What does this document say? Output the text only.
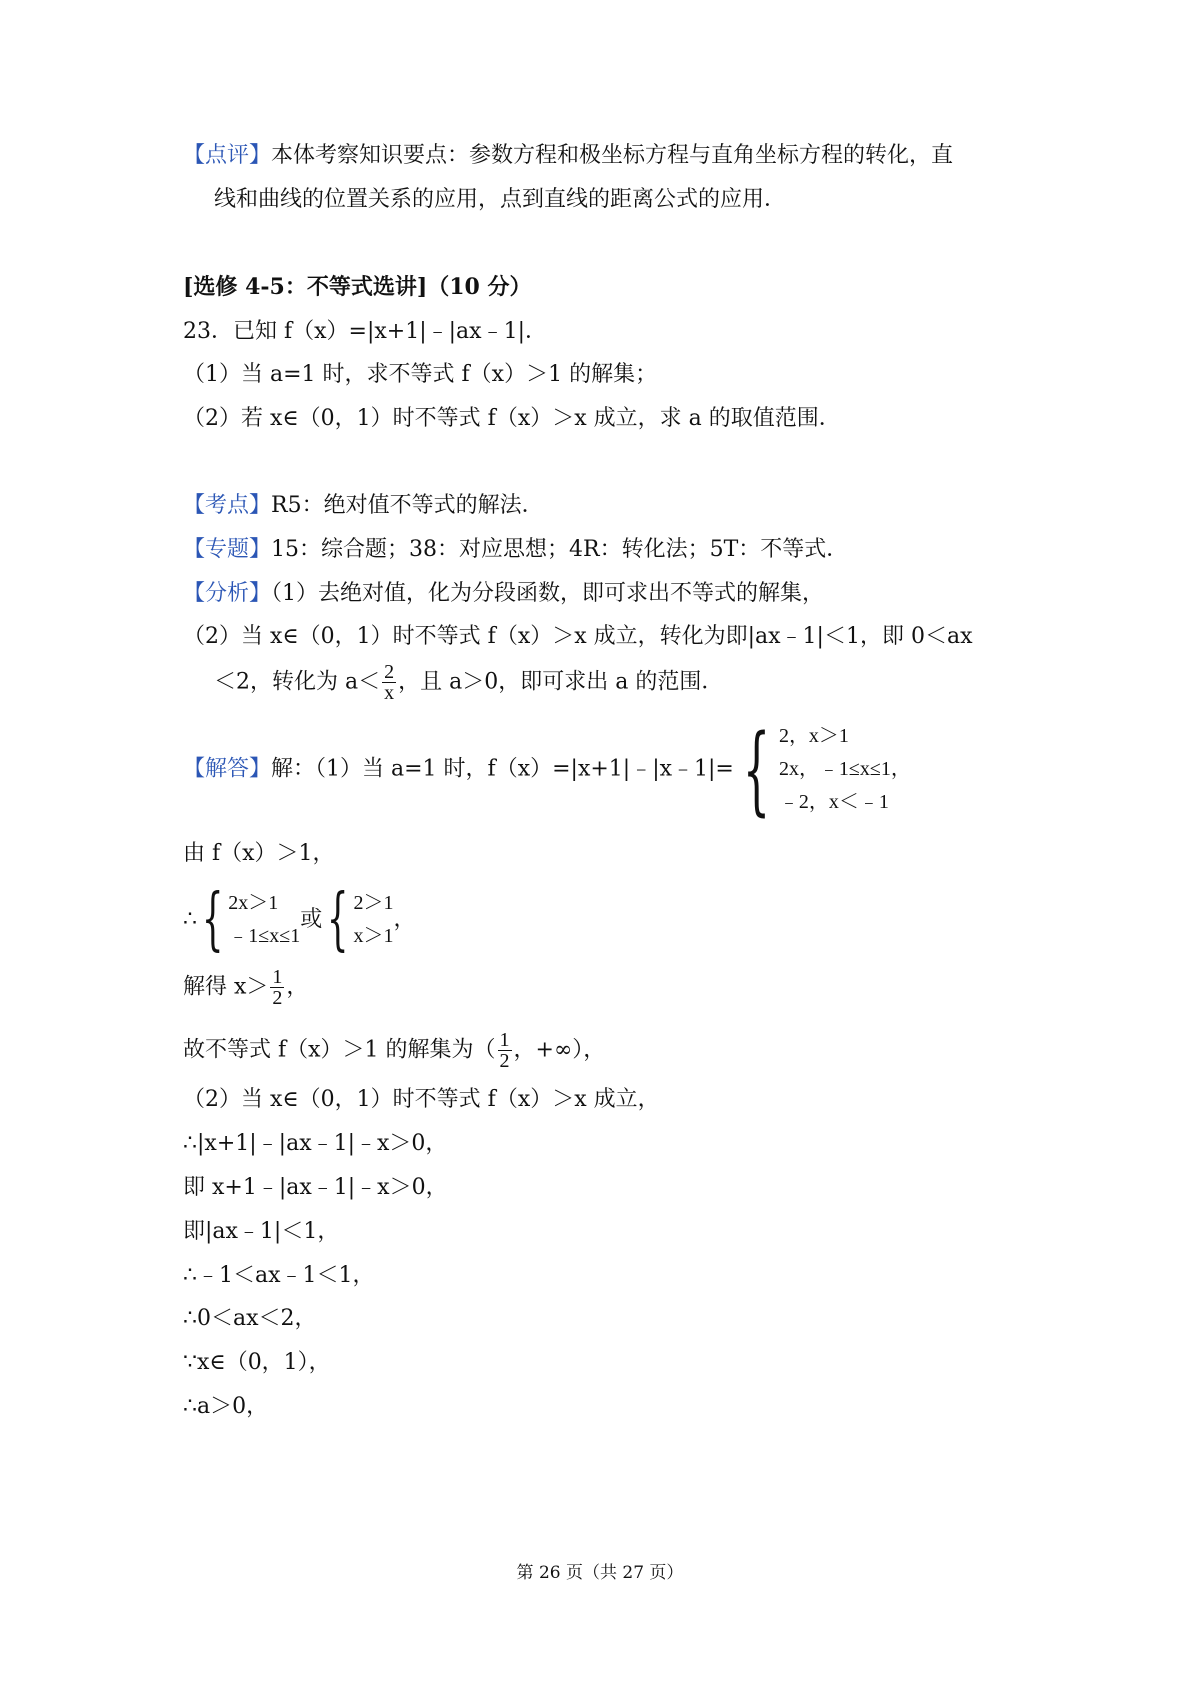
【点评】本体考察知识要点：参数方程和极坐标方程与直角坐标方程的转化，直
线和曲线的位置关系的应用，点到直线的距离公式的应用．
[选修 4-5：不等式选讲]（10 分）
23．已知 f（x）=|x+1|﹣|ax﹣1|．
（1）当 a=1 时，求不等式 f（x）＞1 的解集；
（2）若 x∈（0，1）时不等式 f（x）＞x 成立，求 a 的取值范围．
【考点】R5：绝对值不等式的解法．
【专题】15：综合题；38：对应思想；4R：转化法；5T：不等式．
【分析】（1）去绝对值，化为分段函数，即可求出不等式的解集，
（2）当 x∈（0，1）时不等式 f（x）＞x 成立，转化为即|ax﹣1|＜1，即 0＜ax
＜2，转化为 $a< \frac{2}{x}$ ，且 a＞0，即可求出 a 的范围．
【解答】解：（1）当 a=1 时，f（x）=|x+1|﹣|x﹣1|= { 2，x＞1
2x，﹣1≤x≤1，
﹣2，x＜﹣1
由 f（x）＞1，
∴ { 2x＞1
﹣1≤x≤1
或 { 2＞1
x＞1
，
解得 $x> \frac{1}{2}$ ，
故不等式 f（x）＞1 的解集为（ $\frac{1}{2}$ ，+∞），
（2）当 x∈（0，1）时不等式 f（x）＞x 成立，
∴|x+1|﹣|ax﹣1|﹣x＞0，
即 x+1﹣|ax﹣1|﹣x＞0，
即|ax﹣1|＜1，
∴﹣1＜ax﹣1＜1，
∴0＜ax＜2，
∵x∈（0，1），
∴a＞0，
第 26 页（共 27 页）
